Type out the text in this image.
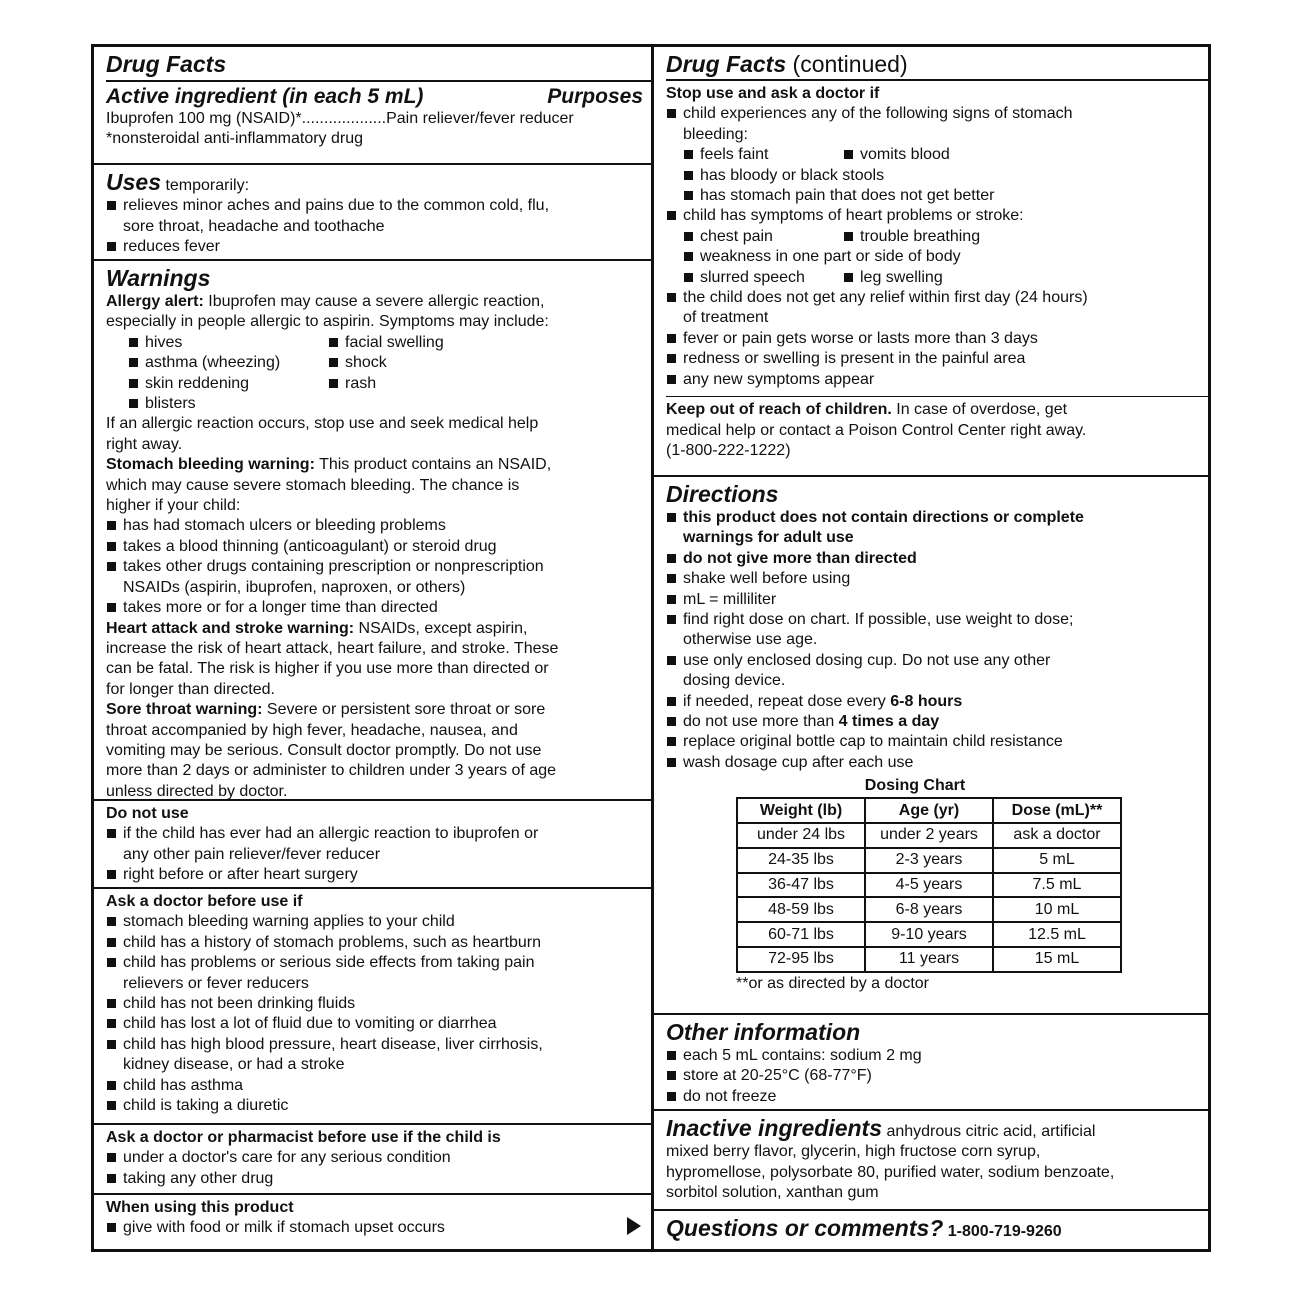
Drug Facts
Active ingredient (in each 5 mL)	Purposes
Ibuprofen 100 mg (NSAID)*...................Pain reliever/fever reducer
*nonsteroidal anti-inflammatory drug
Uses temporarily:
relieves minor aches and pains due to the common cold, flu,
sore throat, headache and toothache
reduces fever
Warnings
Allergy alert: Ibuprofen may cause a severe allergic reaction,
especially in people allergic to aspirin. Symptoms may include:
hives	facial swelling
asthma (wheezing)	shock
skin reddening	rash
blisters
If an allergic reaction occurs, stop use and seek medical help
right away.
Stomach bleeding warning: This product contains an NSAID,
which may cause severe stomach bleeding. The chance is
higher if your child:
has had stomach ulcers or bleeding problems
takes a blood thinning (anticoagulant) or steroid drug
takes other drugs containing prescription or nonprescription
NSAIDs (aspirin, ibuprofen, naproxen, or others)
takes more or for a longer time than directed
Heart attack and stroke warning: NSAIDs, except aspirin,
increase the risk of heart attack, heart failure, and stroke. These
can be fatal. The risk is higher if you use more than directed or
for longer than directed.
Sore throat warning: Severe or persistent sore throat or sore
throat accompanied by high fever, headache, nausea, and
vomiting may be serious. Consult doctor promptly. Do not use
more than 2 days or administer to children under 3 years of age
unless directed by doctor.
Do not use
if the child has ever had an allergic reaction to ibuprofen or
any other pain reliever/fever reducer
right before or after heart surgery
Ask a doctor before use if
stomach bleeding warning applies to your child
child has a history of stomach problems, such as heartburn
child has problems or serious side effects from taking pain
relievers or fever reducers
child has not been drinking fluids
child has lost a lot of fluid due to vomiting or diarrhea
child has high blood pressure, heart disease, liver cirrhosis,
kidney disease, or had a stroke
child has asthma
child is taking a diuretic
Ask a doctor or pharmacist before use if the child is
under a doctor's care for any serious condition
taking any other drug
When using this product
give with food or milk if stomach upset occurs
Drug Facts (continued)
Stop use and ask a doctor if
child experiences any of the following signs of stomach
bleeding:
feels faint	vomits blood
has bloody or black stools
has stomach pain that does not get better
child has symptoms of heart problems or stroke:
chest pain	trouble breathing
weakness in one part or side of body
slurred speech	leg swelling
the child does not get any relief within first day (24 hours)
of treatment
fever or pain gets worse or lasts more than 3 days
redness or swelling is present in the painful area
any new symptoms appear
Keep out of reach of children. In case of overdose, get
medical help or contact a Poison Control Center right away.
(1-800-222-1222)
Directions
this product does not contain directions or complete
warnings for adult use
do not give more than directed
shake well before using
mL = milliliter
find right dose on chart. If possible, use weight to dose;
otherwise use age.
use only enclosed dosing cup. Do not use any other
dosing device.
if needed, repeat dose every 6-8 hours
do not use more than 4 times a day
replace original bottle cap to maintain child resistance
wash dosage cup after each use
Dosing Chart
Weight (lb)	Age (yr)	Dose (mL)**
under 24 lbs	under 2 years	ask a doctor
24-35 lbs	2-3 years	5 mL
36-47 lbs	4-5 years	7.5 mL
48-59 lbs	6-8 years	10 mL
60-71 lbs	9-10 years	12.5 mL
72-95 lbs	11 years	15 mL
**or as directed by a doctor
Other information
each 5 mL contains: sodium 2 mg
store at 20-25°C (68-77°F)
do not freeze
Inactive ingredients anhydrous citric acid, artificial
mixed berry flavor, glycerin, high fructose corn syrup,
hypromellose, polysorbate 80, purified water, sodium benzoate,
sorbitol solution, xanthan gum
Questions or comments? 1-800-719-9260
